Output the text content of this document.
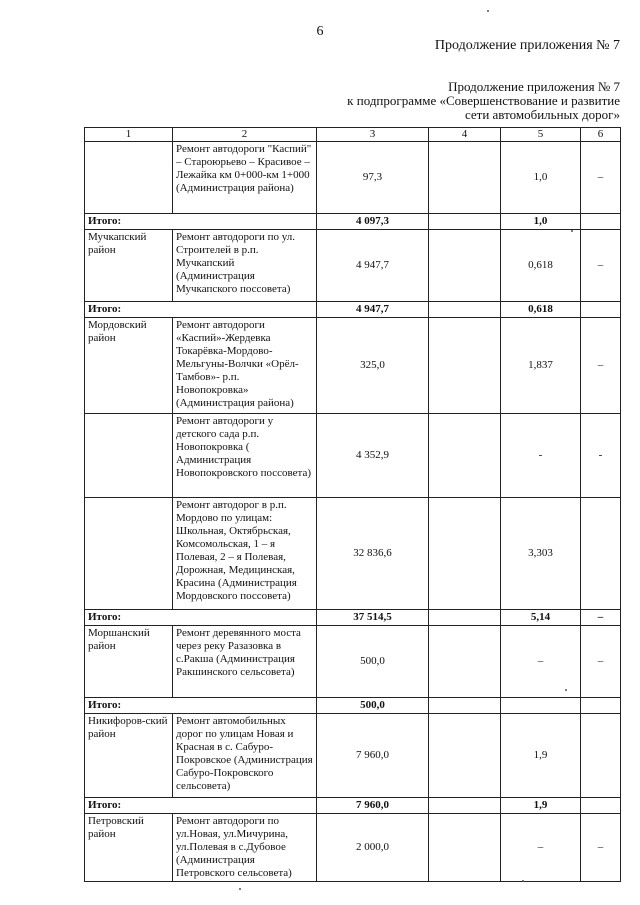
6
Продолжение приложения № 7
Продолжение приложения № 7
к подпрограмме «Совершенствование и развитие
сети автомобильных дорог»
1	2	3	4	5	6
	Ремонт автодороги "Каспий" – Староюрьево – Красивое – Лежайка км 0+000-км 1+000 (Администрация района)	97,3		1,0	–
Итого:		4 097,3		1,0	
Мучкапский район	Ремонт автодороги по ул. Строителей в р.п. Мучкапский (Администрация Мучкапского поссовета)	4 947,7		0,618	–
Итого:		4 947,7		0,618	
Мордовский район	Ремонт автодороги «Каспий»-Жердевка Токарёвка-Мордово-Мельгуны-Волчки «Орёл-Тамбов»- р.п. Новопокровка» (Администрация района)	325,0		1,837	–
	Ремонт автодороги у детского сада р.п. Новопокровка ( Администрация Новопокровского поссовета)	4 352,9		-	-
	Ремонт автодорог в р.п. Мордово по улицам: Школьная, Октябрьская, Комсомольская, 1 – я Полевая, 2 – я Полевая, Дорожная, Медицинская, Красина (Администрация Мордовского поссовета)	32 836,6		3,303	
Итого:		37 514,5		5,14	–
Моршанский район	Ремонт деревянного моста через реку Разазовка в с.Ракша (Администрация Ракшинского сельсовета)	500,0		–	–
Итого:		500,0			
Никифоров-ский район	Ремонт автомобильных дорог по улицам Новая и Красная в с. Сабуро-Покровское (Администрация Сабуро-Покровского сельсовета)	7 960,0		1,9	
Итого:		7 960,0		1,9	
Петровский район	Ремонт автодороги по ул.Новая, ул.Мичурина, ул.Полевая в с.Дубовое (Администрация Петровского сельсовета)	2 000,0		–	–
